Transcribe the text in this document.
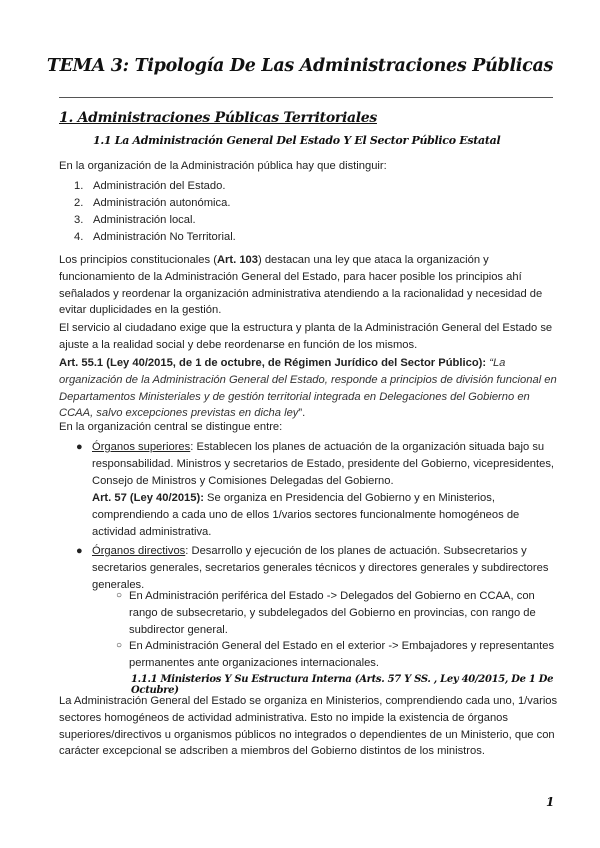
TEMA 3: Tipología De Las Administraciones Públicas
1. Administraciones Públicas Territoriales
1.1 La Administración General Del Estado Y El Sector Público Estatal
En la organización de la Administración pública hay que distinguir:
1. Administración del Estado.
2. Administración autonómica.
3. Administración local.
4. Administración No Territorial.
Los principios constitucionales (Art. 103) destacan una ley que ataca la organización y funcionamiento de la Administración General del Estado, para hacer posible los principios ahí señalados y reordenar la organización administrativa atendiendo a la racionalidad y necesidad de evitar duplicidades en la gestión.
El servicio al ciudadano exige que la estructura y planta de la Administración General del Estado se ajuste a la realidad social y debe reordenarse en función de los mismos.
Art. 55.1 (Ley 40/2015, de 1 de octubre, de Régimen Jurídico del Sector Público): “La organización de la Administración General del Estado, responde a principios de división funcional en Departamentos Ministeriales y de gestión territorial integrada en Delegaciones del Gobierno en CCAA, salvo excepciones previstas en dicha ley”.
En la organización central se distingue entre:
● Órganos superiores: Establecen los planes de actuación de la organización situada bajo su responsabilidad. Ministros y secretarios de Estado, presidente del Gobierno, vicepresidentes, Consejo de Ministros y Comisiones Delegadas del Gobierno.
Art. 57 (Ley 40/2015): Se organiza en Presidencia del Gobierno y en Ministerios, comprendiendo a cada uno de ellos 1/varios sectores funcionalmente homogéneos de actividad administrativa.
● Órganos directivos: Desarrollo y ejecución de los planes de actuación. Subsecretarios y secretarios generales, secretarios generales técnicos y directores generales y subdirectores generales.
○ En Administración periférica del Estado -> Delegados del Gobierno en CCAA, con rango de subsecretario, y subdelegados del Gobierno en provincias, con rango de subdirector general.
○ En Administración General del Estado en el exterior -> Embajadores y representantes permanentes ante organizaciones internacionales.
1.1.1 Ministerios Y Su Estructura Interna (Arts. 57 Y SS. , Ley 40/2015, De 1 De Octubre)
La Administración General del Estado se organiza en Ministerios, comprendiendo cada uno, 1/varios sectores homogéneos de actividad administrativa. Esto no impide la existencia de órganos superiores/directivos u organismos públicos no integrados o dependientes de un Ministerio, que con carácter excepcional se adscriben a miembros del Gobierno distintos de los ministros.
1
